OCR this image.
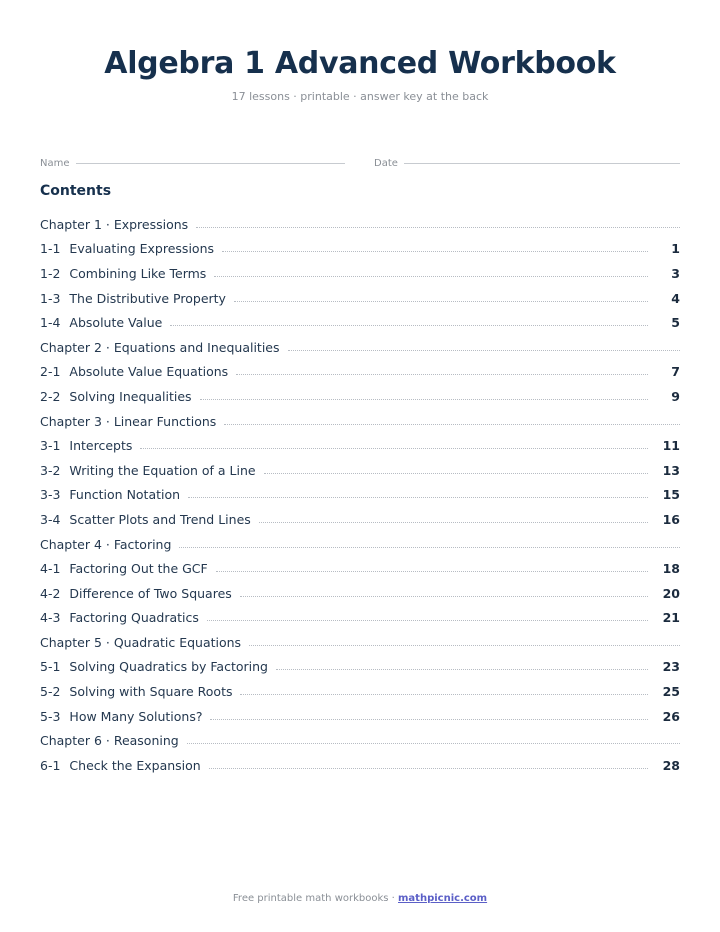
Algebra 1 Advanced Workbook
17 lessons · printable · answer key at the back
Name	Date
Contents
Chapter 1 · Expressions
1-1 Evaluating Expressions	1
1-2 Combining Like Terms	3
1-3 The Distributive Property	4
1-4 Absolute Value	5
Chapter 2 · Equations and Inequalities
2-1 Absolute Value Equations	7
2-2 Solving Inequalities	9
Chapter 3 · Linear Functions
3-1 Intercepts	11
3-2 Writing the Equation of a Line	13
3-3 Function Notation	15
3-4 Scatter Plots and Trend Lines	16
Chapter 4 · Factoring
4-1 Factoring Out the GCF	18
4-2 Difference of Two Squares	20
4-3 Factoring Quadratics	21
Chapter 5 · Quadratic Equations
5-1 Solving Quadratics by Factoring	23
5-2 Solving with Square Roots	25
5-3 How Many Solutions?	26
Chapter 6 · Reasoning
6-1 Check the Expansion	28
Free printable math workbooks · mathpicnic.com
